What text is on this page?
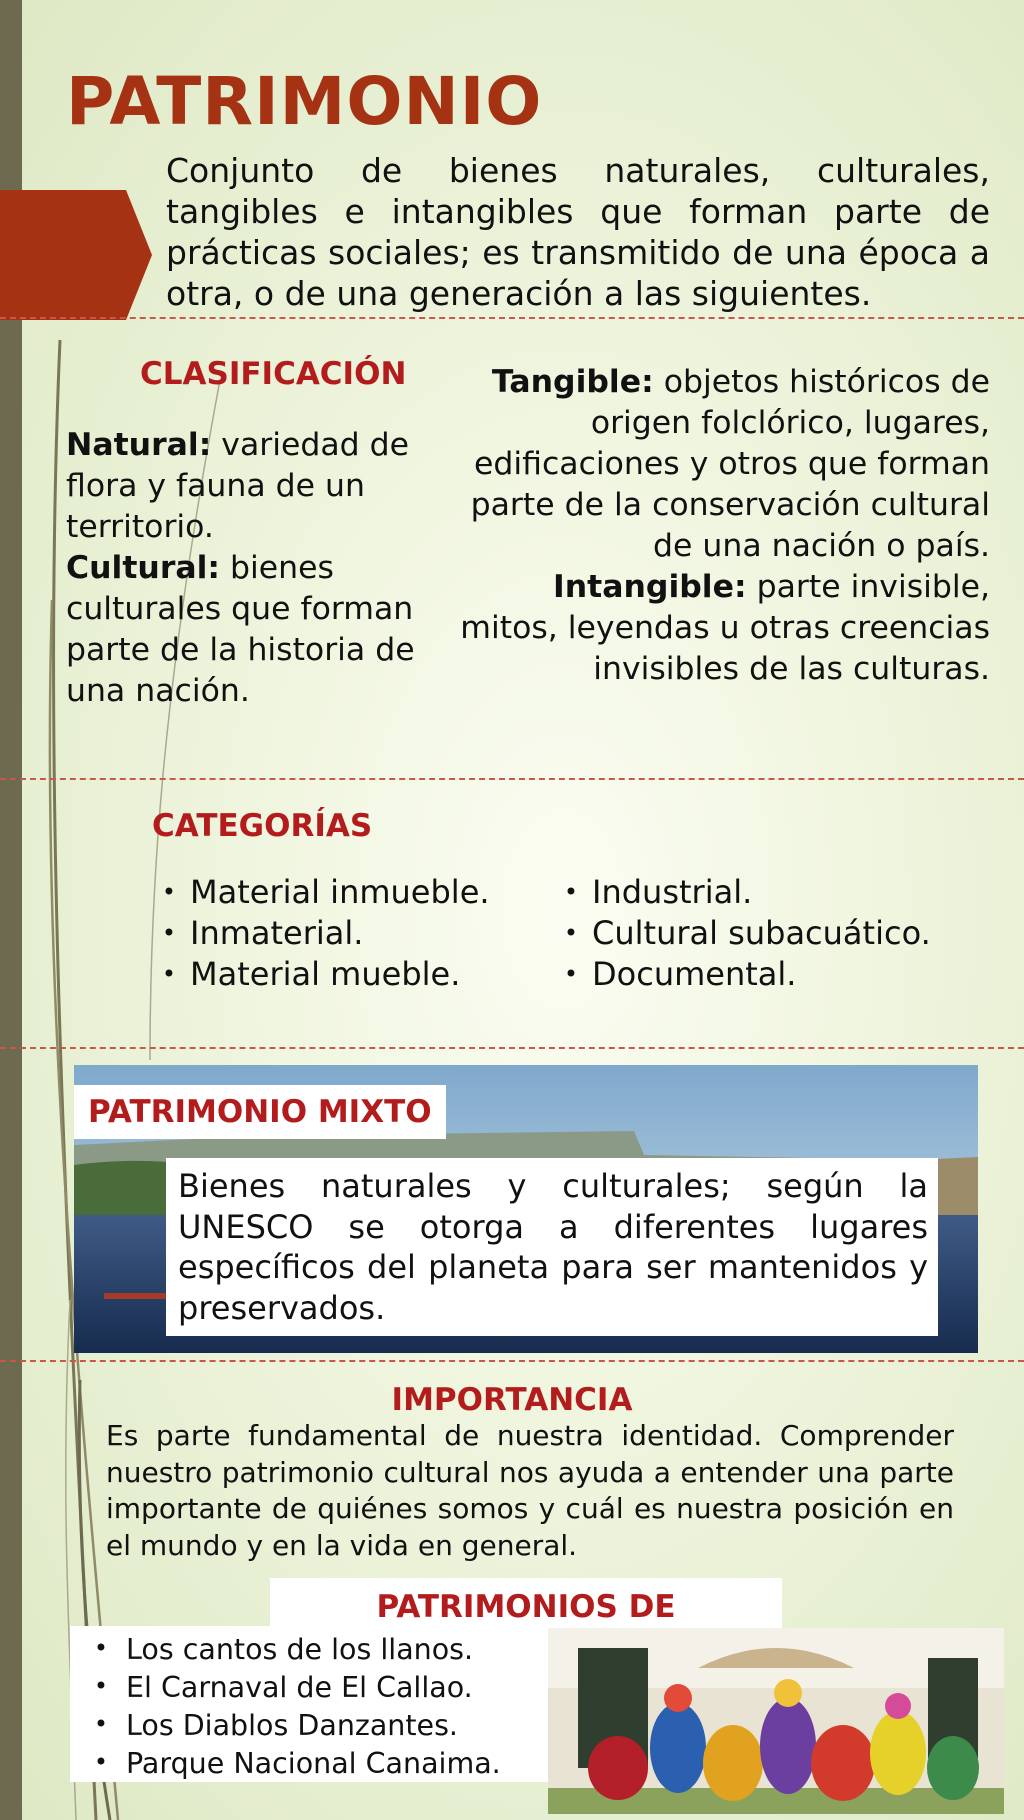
PATRIMONIO

Conjunto de bienes naturales, culturales, tangibles e intangibles que forman parte de prácticas sociales; es transmitido de una época a otra, o de una generación a las siguientes.

CLASIFICACIÓN

Natural: variedad de flora y fauna de un territorio.

Cultural: bienes culturales que forman parte de la historia de una nación.

Tangible: objetos históricos de origen folclórico, lugares, edificaciones y otros que forman parte de la conservación cultural de una nación o país.

Intangible: parte invisible, mitos, leyendas u otras creencias invisibles de las culturas.

CATEGORÍAS
• Material inmueble.
• Inmaterial.
• Material mueble.
• Industrial.
• Cultural subacuático.
• Documental.
PATRIMONIO MIXTO

Bienes naturales y culturales; según la UNESCO se otorga a diferentes lugares específicos del planeta para ser mantenidos y preservados.

IMPORTANCIA

Es parte fundamental de nuestra identidad. Comprender nuestro patrimonio cultural nos ayuda a entender una parte importante de quiénes somos y cuál es nuestra posición en el mundo y en la vida en general.

PATRIMONIOS DE
• Los cantos de los llanos.
• El Carnaval de El Callao.
• Los Diablos Danzantes.
• Parque Nacional Canaima.
